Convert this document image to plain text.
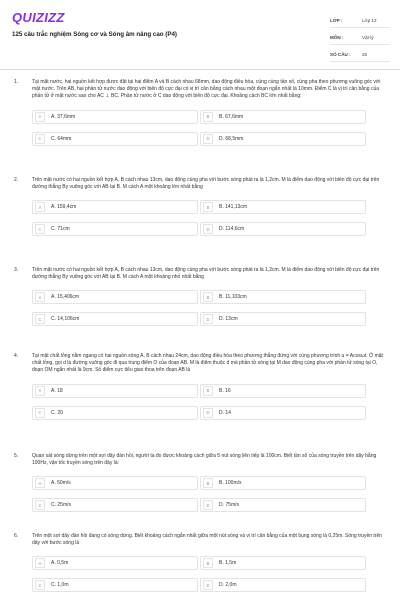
QUIZIZZ
125 câu trắc nghiệm Sóng cơ và Sóng âm nâng cao (P4)
LỚP :	Lớp 12
MÔN :	Vật lý
SỐ CÂU :	25
1.	Tại mặt nước, hai nguồn kết hợp được đặt tại hai điểm A và B cách nhau 68mm, dao động điều hòa, cùng cùng tần số, cùng pha theo phương vuông góc với mặt nước. Trên AB, hai phần tử nước dao động với biên độ cực đại có vị trí cân bằng cách nhau một đoạn ngắn nhất là 10mm. Điểm C là vị trí cân bằng của phần tử ở mặt nước sao cho AC ⊥ BC. Phần tử nước ở C dao động với biên độ cực đại. Khoảng cách BC lớn nhất bằng:
A	A. 37,6mm	B	B. 67,6mm
C	C. 64mm	D	D. 68,5mm
2.	Trên mặt nước có hai nguồn kết hợp A, B cách nhau 13cm, dao động cùng pha với bước sóng phát ra là 1,2cm. M là điểm dao động với biên độ cực đại trên đường thẳng By vuông góc với AB tại B. M cách A một khoảng lớn nhất bằng
A	A. 159,4cm	B	B. 141,13cm
C	C. 71cm	D	D. 114,6cm
3.	Trên mặt nước có hai nguồn kết hợp A, B cách nhau 13cm, dao động cùng pha với bước sóng phát ra là 1,2cm. M là điểm dao động với biên độ cực đại trên đường thẳng By vuông góc với AB tại B. M cách A một khoảng nhỏ nhất bằng
A	A. 15,406cm	B	B. 11,103cm
C	C. 14,106cm	D	D. 13cm
4.	Tại mặt chất lỏng nằm ngang có hai nguồn sóng A, B cách nhau 24cm, dao động điều hòa theo phương thẳng đứng với cùng phương trình u = Acosωt. Ở mặt chất lỏng, gọi d là đường vuông góc đi qua trung điểm O của đoạn AB. M là điểm thuộc d mà phần tử sóng tại M dao động cùng pha với phần tử sóng tại O, đoạn OM ngắn nhất là 9cm. Số điểm cực tiểu giao thoa trên đoạn AB là
A	A. 18	B	B. 16
C	C. 20	D	D. 14
5.	Quan sát sóng dừng trên một sợi dây đàn hồi, người ta đo được khoảng cách giữa 5 nút sóng liên tiếp là 100cm. Biết tần số của sóng truyền trên dây bằng 100Hz, vận tốc truyền sóng trên dây là:
A	A. 50m/s	B	B. 100m/s
C	C. 25m/s	D	D. 75m/s
6.	Trên một sợi dây đàn hồi đang có sóng dừng. Biết khoảng cách ngắn nhất giữa một nút sóng và vị trí cân bằng của một bụng sóng là 0,25m. Sóng truyền trên dây với bước sóng là
A	A. 0,5m	B	B. 1,5m
C	C. 1,0m	D	D. 2,0m
